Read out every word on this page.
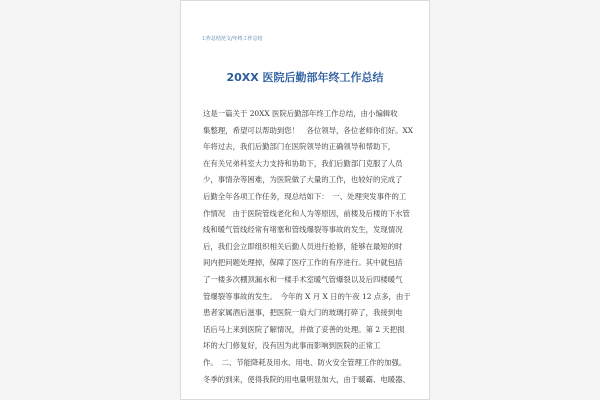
工作总结范文/年终工作总结
20XX 医院后勤部年终工作总结
这是一篇关于 20XX 医院后勤部年终工作总结，由小编辑收
集整理，希望可以帮助到您！　各位领导，各位老师你们好。XX
年将过去，我们后勤部门在医院领导的正确领导和帮助下，
在有关兄弟科室大力支持和协助下，我们后勤部门克服了人员
少，事情杂等困难，为医院做了大量的工作，也较好的完成了
后勤全年各项工作任务，现总结如下：　一、处理突发事件的工
作情况　由于医院管线老化和人为等原因，前楼及后楼的下水管
线和暖气管线经常有堵塞和管线爆裂等事故的发生，发现情况
后，我们会立即组织相关后勤人员进行抢修，能够在最短的时
间内把问题处理掉，保障了医疗工作的有序进行。其中就包括
了一楼多次棚顶漏水和一楼手术室暖气管爆裂以及后四楼暖气
管爆裂等事故的发生。　今年的 X 月 X 日的午夜 12 点多，由于
患者家属酒后滋事，把医院一扇大门的玻璃打碎了，我接到电
话后马上来到医院了解情况，并做了妥善的处理。第 2 天把损
坏的大门修复好，没有因为此事而影响到医院的正常工
作。　二、节能降耗及用水、用电、防火安全管理工作的加强。
冬季的到来，使得我院的用电量明显加大，由于暖霸、电暖器、
